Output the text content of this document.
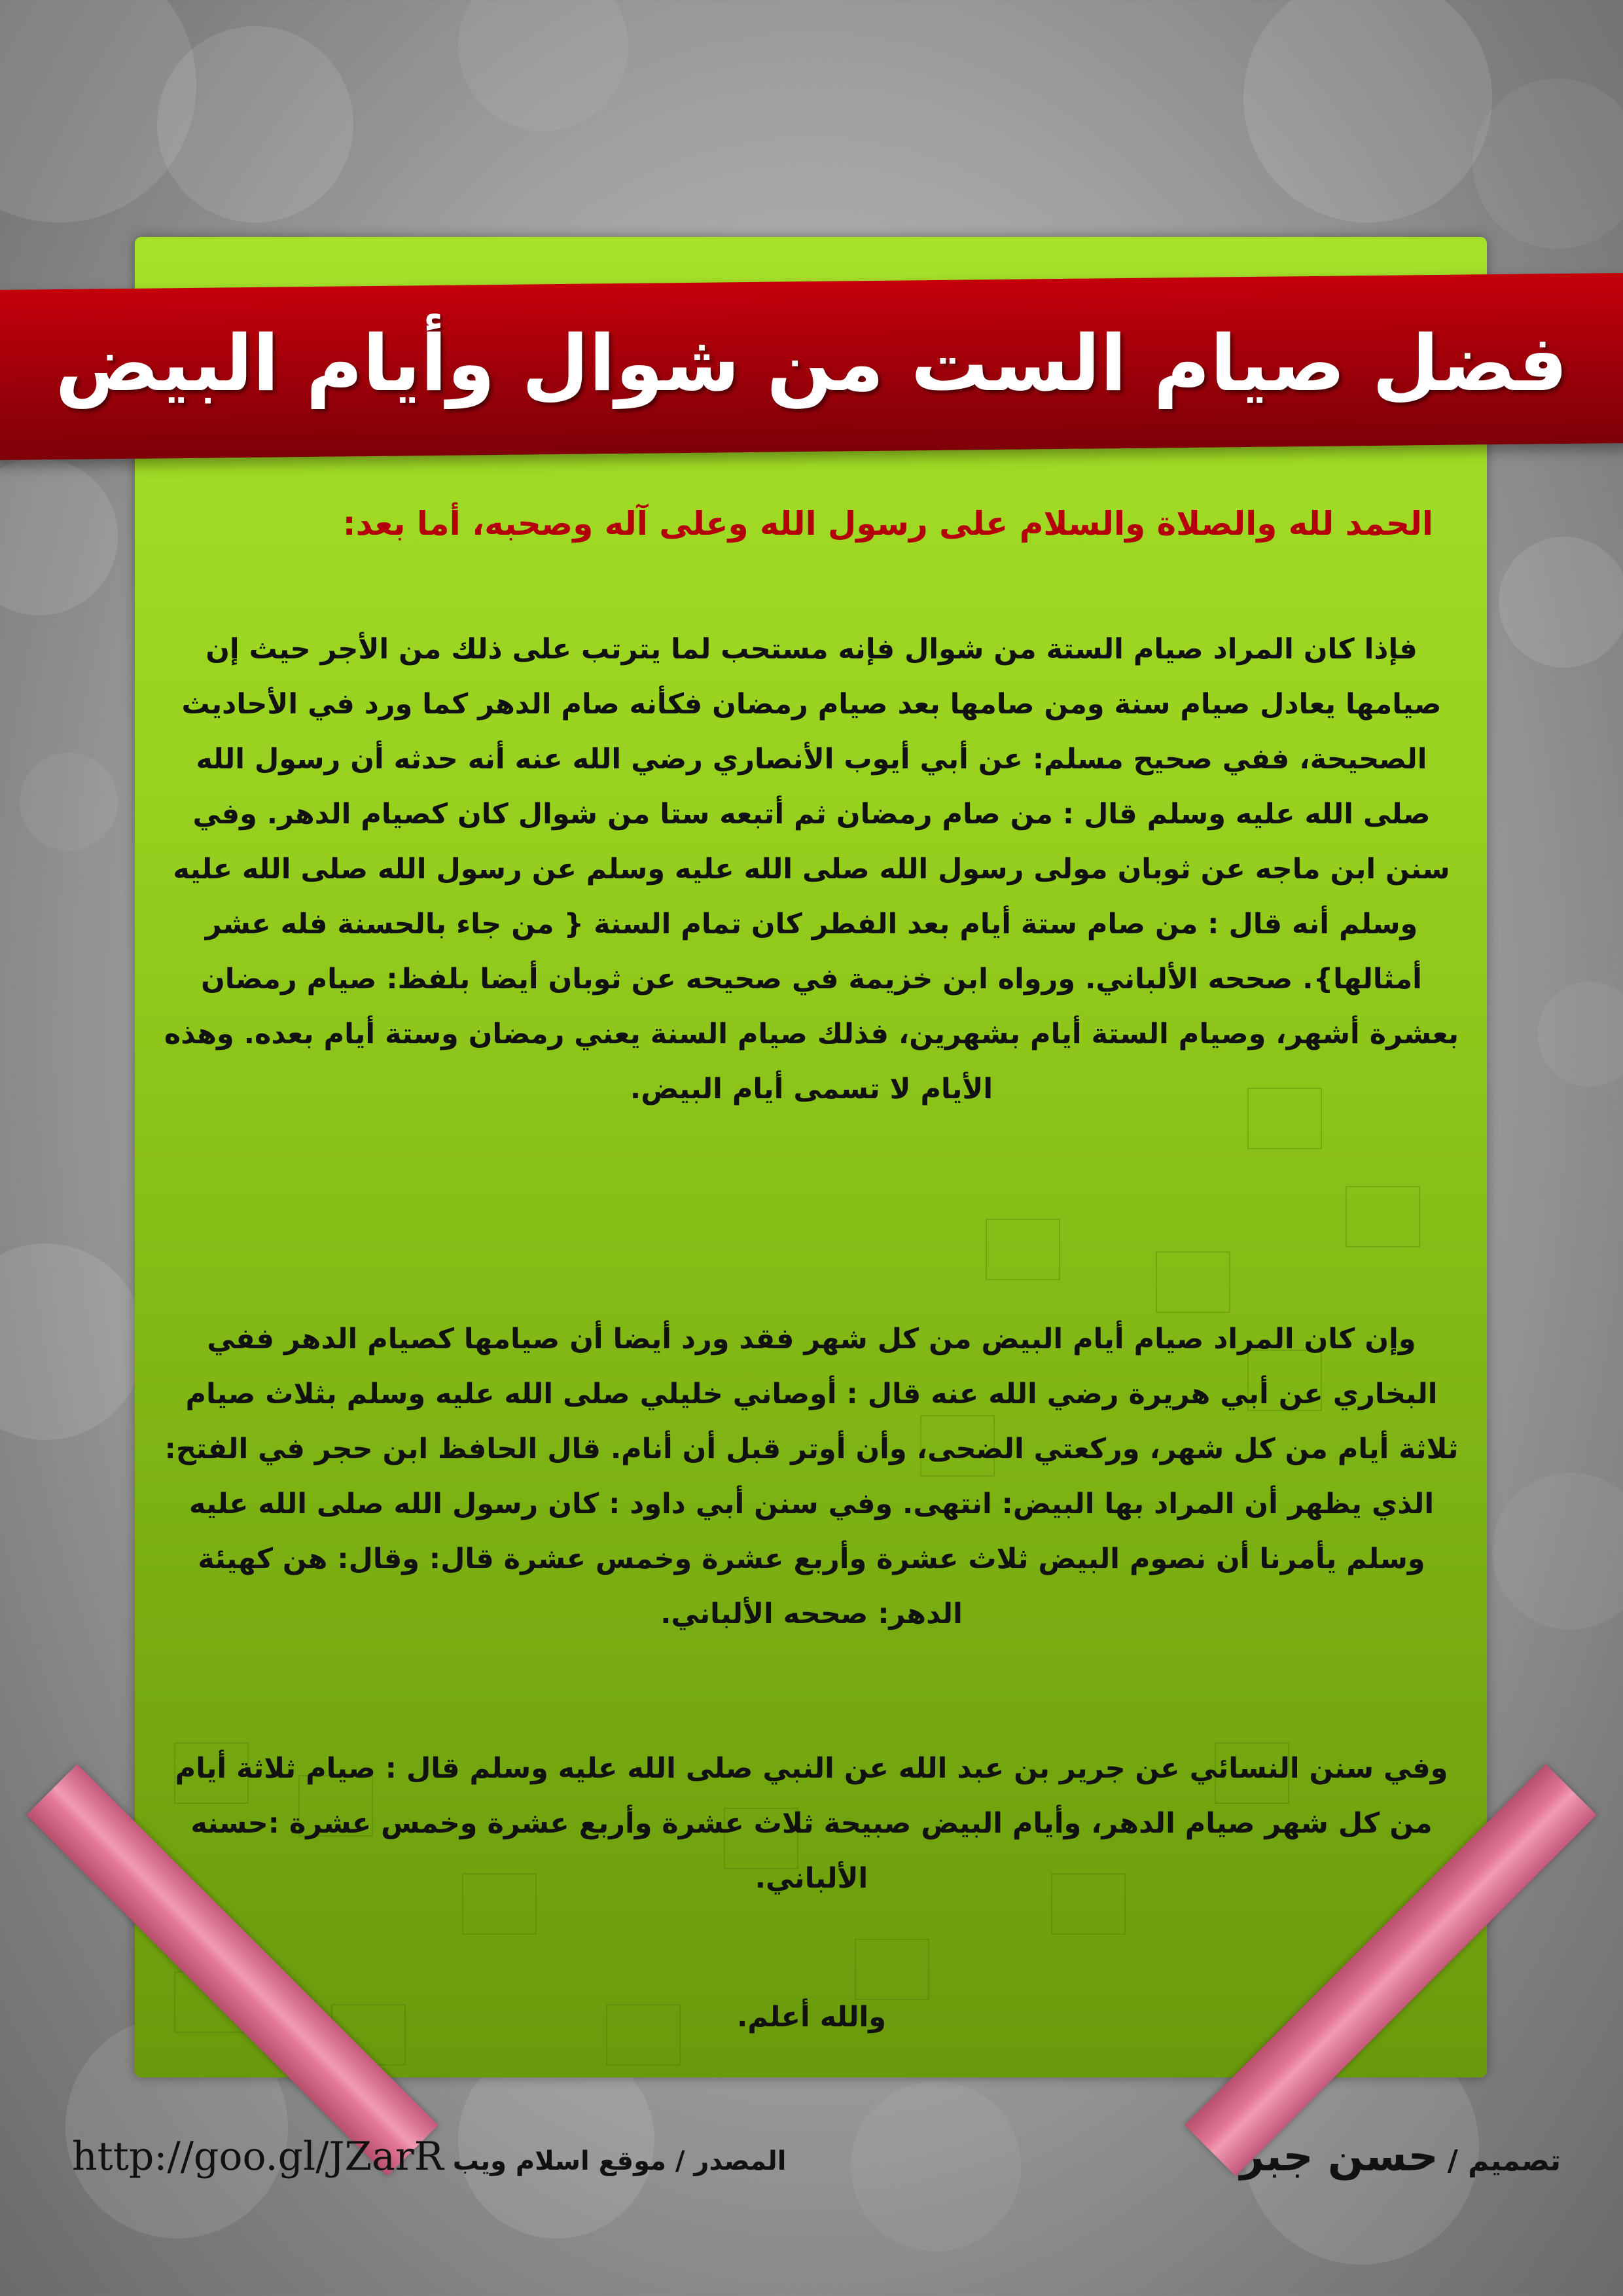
فضل صيام الست من شوال وأيام البيض
الحمد لله والصلاة والسلام على رسول الله وعلى آله وصحبه، أما بعد:
فإذا كان المراد صيام الستة من شوال فإنه مستحب لما يترتب على ذلك من الأجر حيث إن صيامها يعادل صيام سنة ومن صامها بعد صيام رمضان فكأنه صام الدهر كما ورد في الأحاديث الصحيحة، ففي صحيح مسلم: عن أبي أيوب الأنصاري رضي الله عنه أنه حدثه أن رسول الله صلى الله عليه وسلم قال : من صام رمضان ثم أتبعه ستا من شوال كان كصيام الدهر. وفي سنن ابن ماجه عن ثوبان مولى رسول الله صلى الله عليه وسلم عن رسول الله صلى الله عليه وسلم أنه قال : من صام ستة أيام بعد الفطر كان تمام السنة { من جاء بالحسنة فله عشر أمثالها}. صححه الألباني. ورواه ابن خزيمة في صحيحه عن ثوبان أيضا بلفظ: صيام رمضان بعشرة أشهر، وصيام الستة أيام بشهرين، فذلك صيام السنة يعني رمضان وستة أيام بعده. وهذه الأيام لا تسمى أيام البيض.
وإن كان المراد صيام أيام البيض من كل شهر فقد ورد أيضا أن صيامها كصيام الدهر ففي البخاري عن أبي هريرة رضي الله عنه قال : أوصاني خليلي صلى الله عليه وسلم بثلاث صيام ثلاثة أيام من كل شهر، وركعتي الضحى، وأن أوتر قبل أن أنام. قال الحافظ ابن حجر في الفتح: الذي يظهر أن المراد بها البيض: انتهى. وفي سنن أبي داود : كان رسول الله صلى الله عليه وسلم يأمرنا أن نصوم البيض ثلاث عشرة وأربع عشرة وخمس عشرة قال: وقال: هن كهيئة الدهر: صححه الألباني.
وفي سنن النسائي عن جرير بن عبد الله عن النبي صلى الله عليه وسلم قال : صيام ثلاثة أيام من كل شهر صيام الدهر، وأيام البيض صبيحة ثلاث عشرة وأربع عشرة وخمس عشرة :حسنه الألباني.
والله أعلم.
http://goo.gl/JZarR المصدر / موقع اسلام ويب	تصميم /حسن جبر
